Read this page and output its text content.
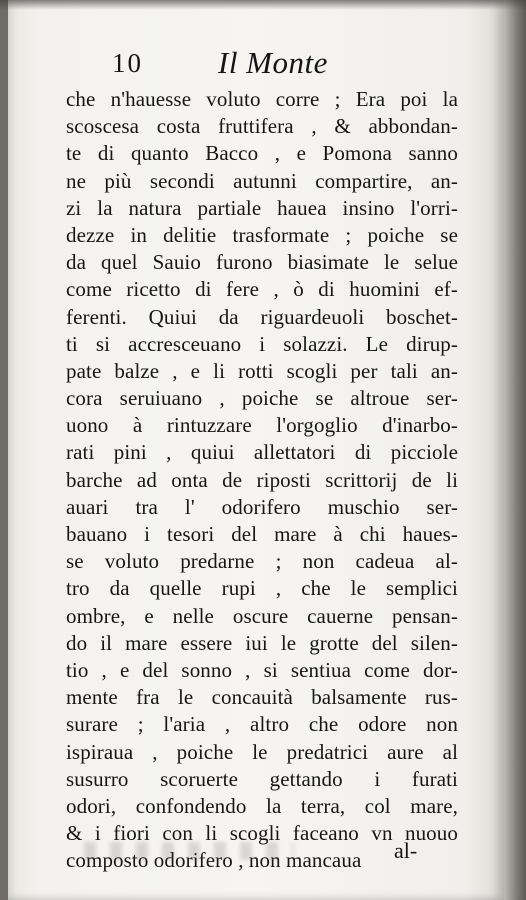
10 Il Monte
che n'hauesse voluto corre ; Era poi la
scoscesa costa fruttifera , & abbondan-
te di quanto Bacco , e Pomona sanno
ne più secondi autunni compartire, an-
zi la natura partiale haueа insino l'orri-
dezze in delitie trasformate ; poiche se
da quel Sauio furono biasimate le selue
come ricetto di fere , ò di huomini ef-
ferenti. Quiui da riguardeuoli boschet-
ti si accresceuano i solazzi. Le dirup-
pate balze , e li rotti scogli per tali an-
cora seruiuano , poiche se altroue ser-
uono à rintuzzare l'orgoglio d'inarbo-
rati pini , quiui allettatori di picciole
barche ad onta de riposti scrittorij de li
auari tra l' odorifero muschio ser-
bauano i tesori del mare à chi haues-
se voluto predarne ; non cadeua al-
tro da quelle rupi , che le semplici
ombre, e nelle oscure cauerne pensan-
do il mare essere iui le grotte del silen-
tio , e del sonno , si sentiua come dor-
mente fra le concauità balsamente rus-
surare ; l'aria , altro che odore non
ispiraua , poiche le predatrici aure al
susurro scoruerte gettando i furati
odori, confondendo la terra, col mare,
& i fiori con li scogli faceano vn nuouo
composto odorifero , non mancaua	al-
